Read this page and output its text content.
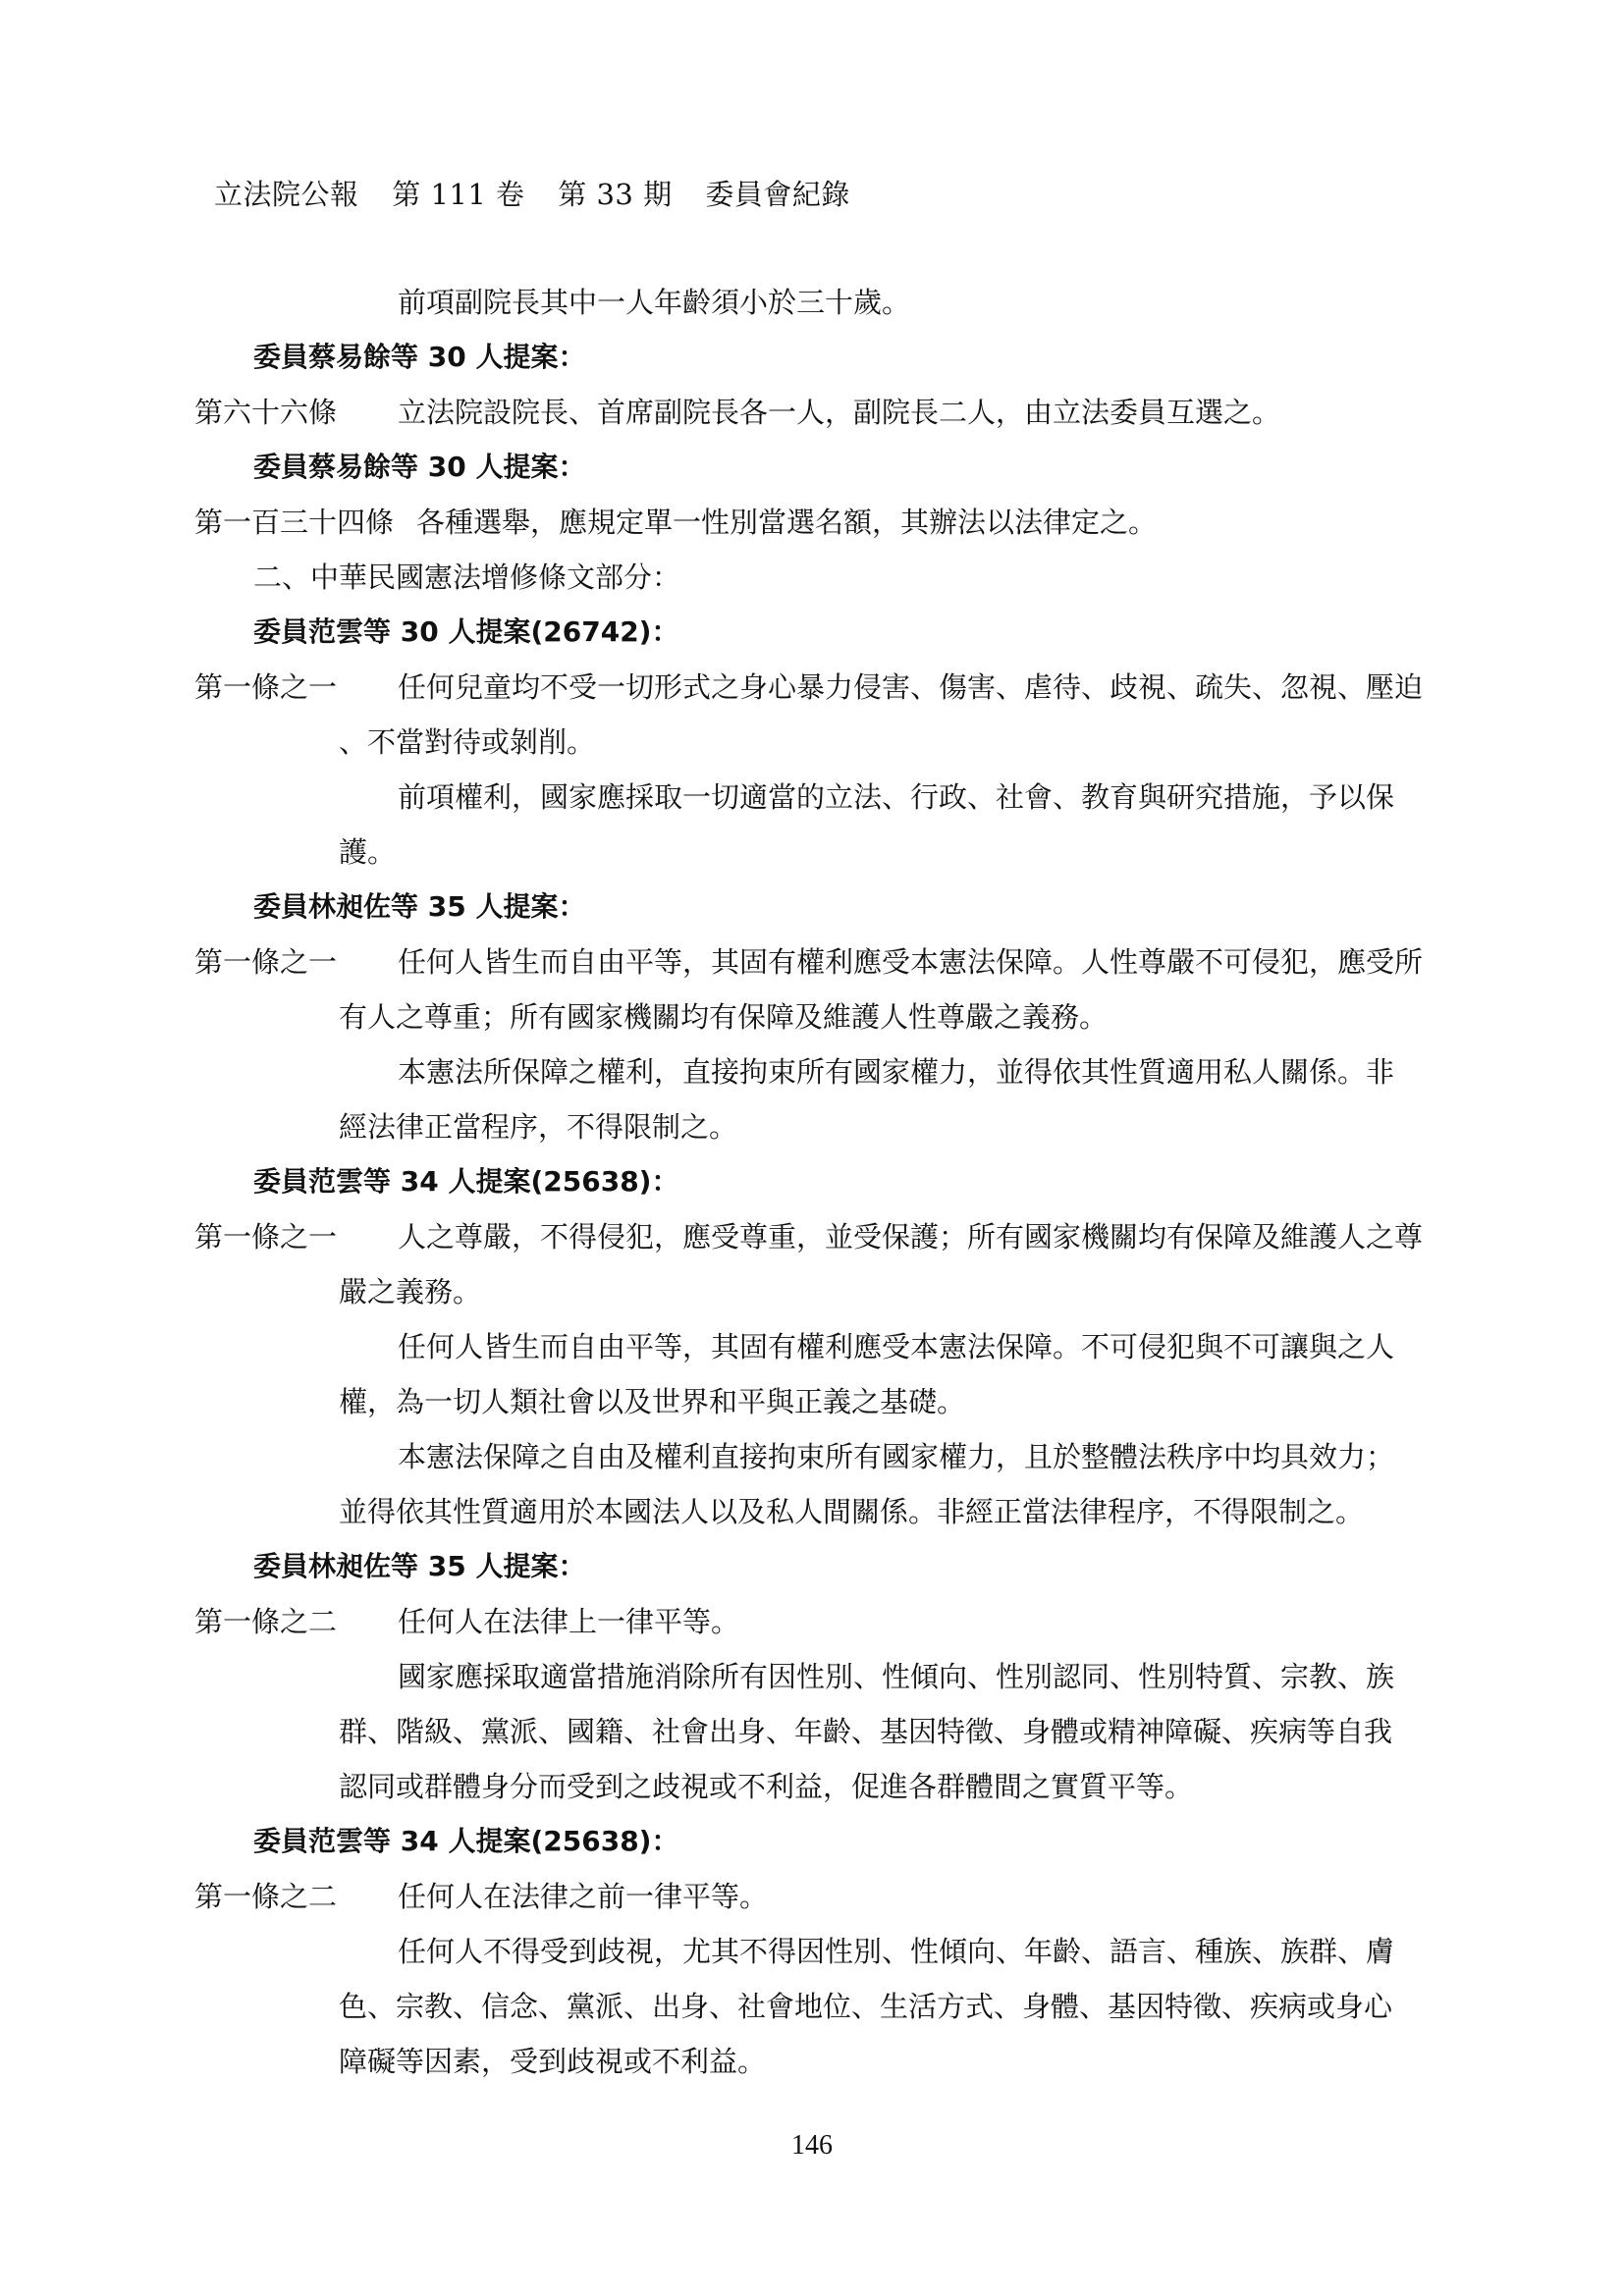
立法院公報 第 111 卷 第 33 期 委員會紀錄
前項副院長其中一人年齡須小於三十歲。
委員蔡易餘等 30 人提案：
第六十六條 立法院設院長、首席副院長各一人，副院長二人，由立法委員互選之。
委員蔡易餘等 30 人提案：
第一百三十四條 各種選舉，應規定單一性別當選名額，其辦法以法律定之。
二、中華民國憲法增修條文部分：
委員范雲等 30 人提案(26742)：
第一條之一 任何兒童均不受一切形式之身心暴力侵害、傷害、虐待、歧視、疏失、忽視、壓迫
、不當對待或剝削。
前項權利，國家應採取一切適當的立法、行政、社會、教育與研究措施，予以保
護。
委員林昶佐等 35 人提案：
第一條之一 任何人皆生而自由平等，其固有權利應受本憲法保障。人性尊嚴不可侵犯，應受所
有人之尊重；所有國家機關均有保障及維護人性尊嚴之義務。
本憲法所保障之權利，直接拘束所有國家權力，並得依其性質適用私人關係。非
經法律正當程序，不得限制之。
委員范雲等 34 人提案(25638)：
第一條之一 人之尊嚴，不得侵犯，應受尊重，並受保護；所有國家機關均有保障及維護人之尊
嚴之義務。
任何人皆生而自由平等，其固有權利應受本憲法保障。不可侵犯與不可讓與之人
權，為一切人類社會以及世界和平與正義之基礎。
本憲法保障之自由及權利直接拘束所有國家權力，且於整體法秩序中均具效力；
並得依其性質適用於本國法人以及私人間關係。非經正當法律程序，不得限制之。
委員林昶佐等 35 人提案：
第一條之二 任何人在法律上一律平等。
國家應採取適當措施消除所有因性別、性傾向、性別認同、性別特質、宗教、族
群、階級、黨派、國籍、社會出身、年齡、基因特徵、身體或精神障礙、疾病等自我
認同或群體身分而受到之歧視或不利益，促進各群體間之實質平等。
委員范雲等 34 人提案(25638)：
第一條之二 任何人在法律之前一律平等。
任何人不得受到歧視，尤其不得因性別、性傾向、年齡、語言、種族、族群、膚
色、宗教、信念、黨派、出身、社會地位、生活方式、身體、基因特徵、疾病或身心
障礙等因素，受到歧視或不利益。
146
